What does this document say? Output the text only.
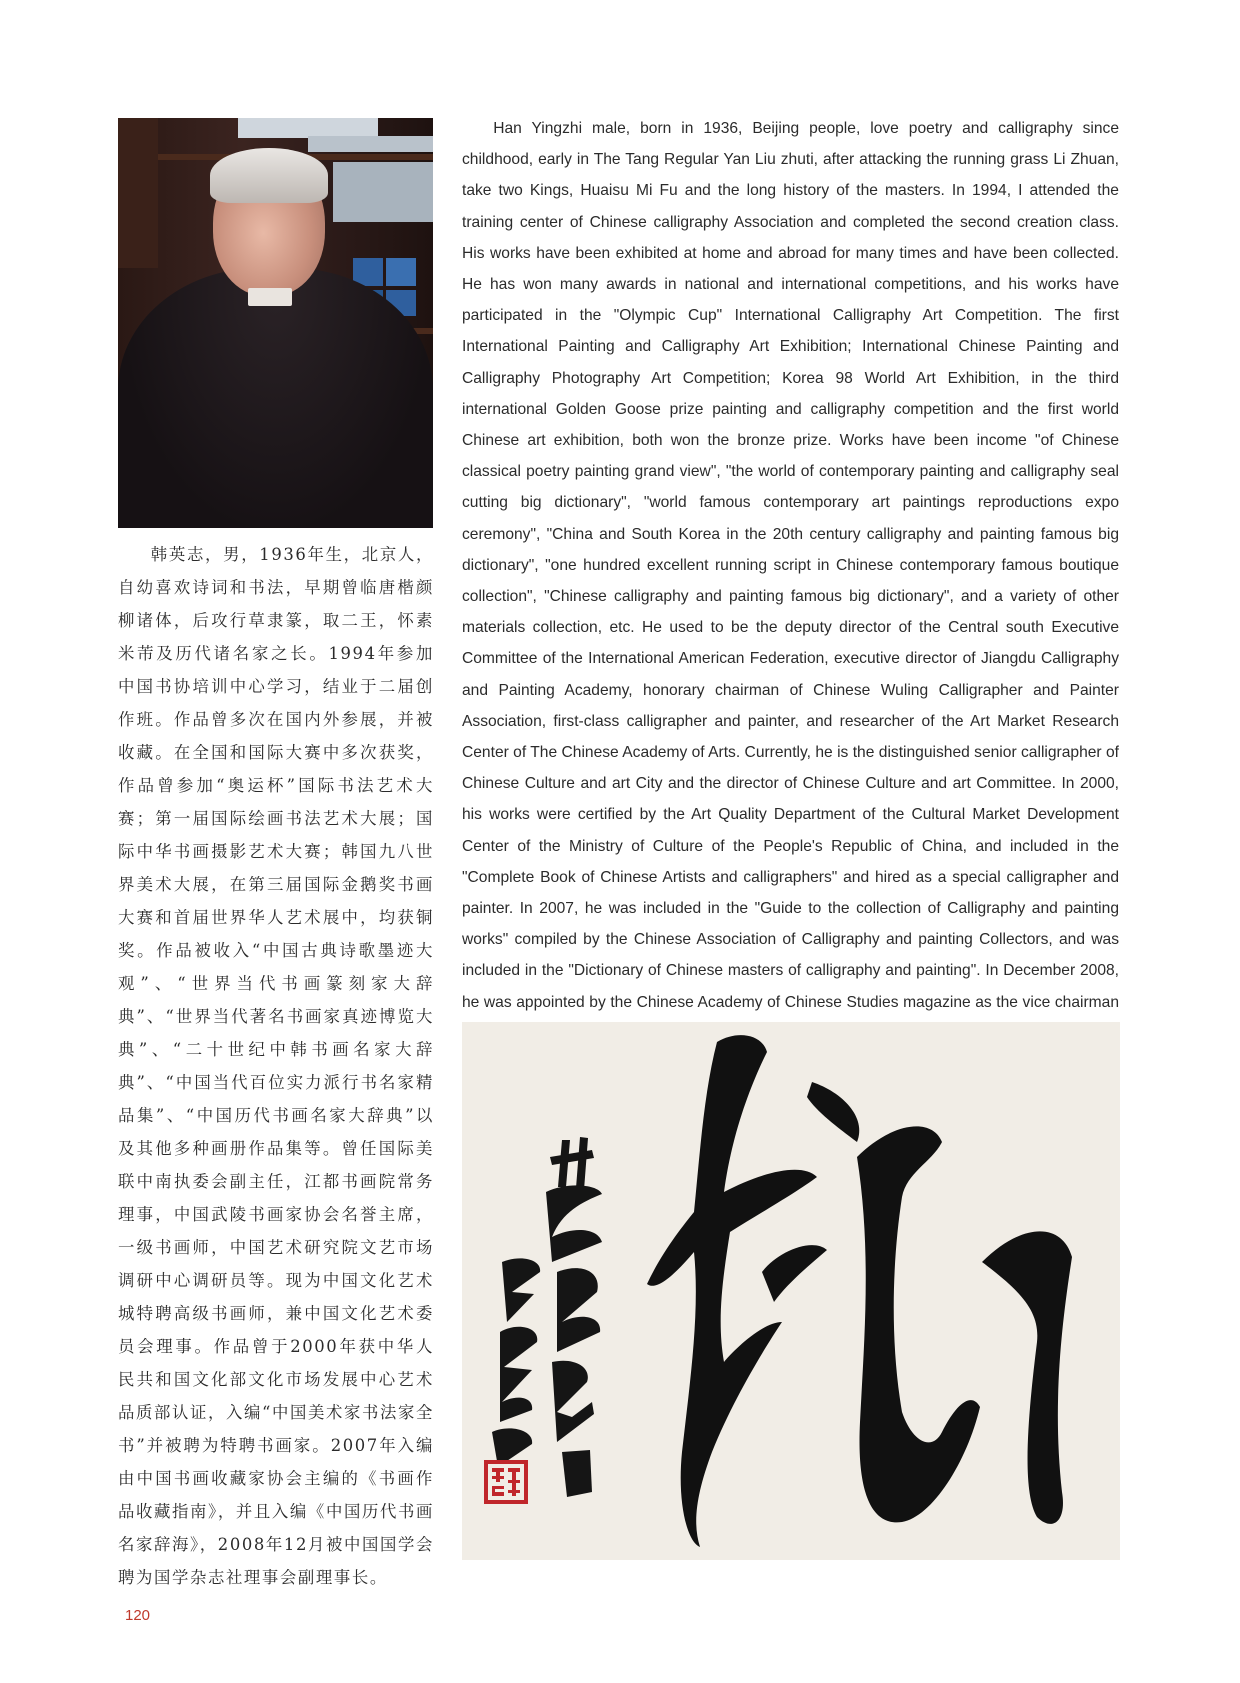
韩英志，男，1936年生，北京人，自幼喜欢诗词和书法，早期曾临唐楷颜柳诸体，后攻行草隶篆，取二王，怀素米芾及历代诸名家之长。1994年参加中国书协培训中心学习，结业于二届创作班。作品曾多次在国内外参展，并被收藏。在全国和国际大赛中多次获奖，作品曾参加“奥运杯”国际书法艺术大赛；第一届国际绘画书法艺术大展；国际中华书画摄影艺术大赛；韩国九八世界美术大展，在第三届国际金鹅奖书画大赛和首届世界华人艺术展中，均获铜奖。作品被收入“中国古典诗歌墨迹大观”、“世界当代书画篆刻家大辞典”、“世界当代著名书画家真迹博览大典”、“二十世纪中韩书画名家大辞典”、“中国当代百位实力派行书名家精品集”、“中国历代书画名家大辞典”以及其他多种画册作品集等。曾任国际美联中南执委会副主任，江都书画院常务理事，中国武陵书画家协会名誉主席，一级书画师，中国艺术研究院文艺市场调研中心调研员等。现为中国文化艺术城特聘高级书画师，兼中国文化艺术委员会理事。作品曾于2000年获中华人民共和国文化部文化市场发展中心艺术品质部认证，入编“中国美术家书法家全书”并被聘为特聘书画家。2007年入编由中国书画收藏家协会主编的《书画作品收藏指南》，并且入编《中国历代书画名家辞海》，2008年12月被中国国学会聘为国学杂志社理事会副理事长。

Han Yingzhi male, born in 1936, Beijing people, love poetry and calligraphy since childhood, early in The Tang Regular Yan Liu zhuti, after attacking the running grass Li Zhuan, take two Kings, Huaisu Mi Fu and the long history of the masters. In 1994, I attended the training center of Chinese calligraphy Association and completed the second creation class. His works have been exhibited at home and abroad for many times and have been collected. He has won many awards in national and international competitions, and his works have participated in the "Olympic Cup" International Calligraphy Art Competition. The first International Painting and Calligraphy Art Exhibition; International Chinese Painting and Calligraphy Photography Art Competition; Korea 98 World Art Exhibition, in the third international Golden Goose prize painting and calligraphy competition and the first world Chinese art exhibition, both won the bronze prize. Works have been income "of Chinese classical poetry painting grand view", "the world of contemporary painting and calligraphy seal cutting big dictionary", "world famous contemporary art paintings reproductions expo ceremony", "China and South Korea in the 20th century calligraphy and painting famous big dictionary", "one hundred excellent running script in Chinese contemporary famous boutique collection", "Chinese calligraphy and painting famous big dictionary", and a variety of other materials collection, etc. He used to be the deputy director of the Central south Executive Committee of the International American Federation, executive director of Jiangdu Calligraphy and Painting Academy, honorary chairman of Chinese Wuling Calligrapher and Painter Association, first-class calligrapher and painter, and researcher of the Art Market Research Center of The Chinese Academy of Arts. Currently, he is the distinguished senior calligrapher of Chinese Culture and art City and the director of Chinese Culture and art Committee. In 2000, his works were certified by the Art Quality Department of the Cultural Market Development Center of the Ministry of Culture of the People's Republic of China, and included in the "Complete Book of Chinese Artists and calligraphers" and hired as a special calligrapher and painter. In 2007, he was included in the "Guide to the collection of Calligraphy and painting works" compiled by the Chinese Association of Calligraphy and painting Collectors, and was included in the "Dictionary of Chinese masters of calligraphy and painting". In December 2008, he was appointed by the Chinese Academy of Chinese Studies magazine as the vice chairman

120
